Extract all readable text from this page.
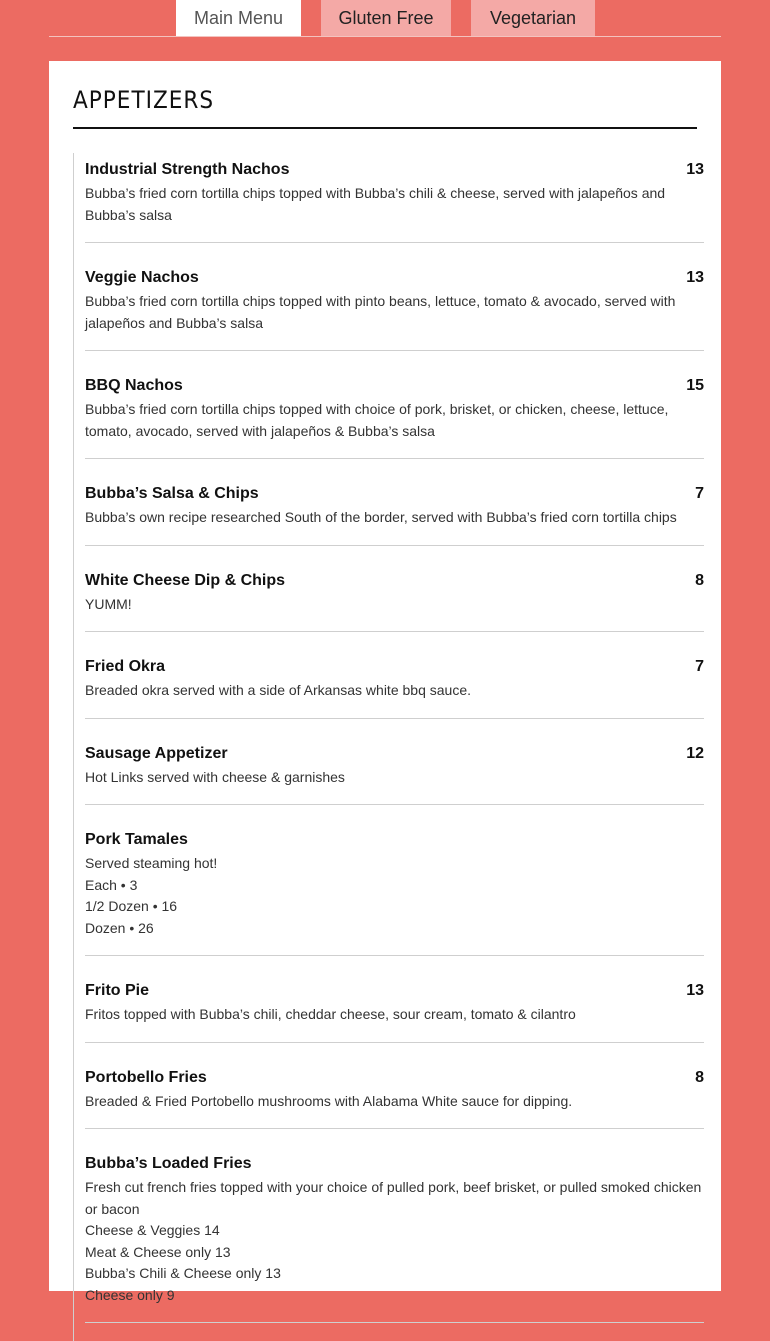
Main Menu	Gluten Free	Vegetarian
APPETIZERS
Industrial Strength Nachos	13
Bubba’s fried corn tortilla chips topped with Bubba’s chili & cheese, served with jalapeños and Bubba’s salsa
Veggie Nachos	13
Bubba’s fried corn tortilla chips topped with pinto beans, lettuce, tomato & avocado, served with jalapeños and Bubba’s salsa
BBQ Nachos	15
Bubba’s fried corn tortilla chips topped with choice of pork, brisket, or chicken, cheese, lettuce, tomato, avocado, served with jalapeños & Bubba’s salsa
Bubba’s Salsa & Chips	7
Bubba’s own recipe researched South of the border, served with Bubba’s fried corn tortilla chips
White Cheese Dip & Chips	8
YUMM!
Fried Okra	7
Breaded okra served with a side of Arkansas white bbq sauce.
Sausage Appetizer	12
Hot Links served with cheese & garnishes
Pork Tamales
Served steaming hot!
Each • 3
1/2 Dozen • 16
Dozen • 26
Frito Pie	13
Fritos topped with Bubba’s chili, cheddar cheese, sour cream, tomato & cilantro
Portobello Fries	8
Breaded & Fried Portobello mushrooms with Alabama White sauce for dipping.
Bubba’s Loaded Fries
Fresh cut french fries topped with your choice of pulled pork, beef brisket, or pulled smoked chicken or bacon
Cheese & Veggies 14
Meat & Cheese only 13
Bubba’s Chili & Cheese only 13
Cheese only 9
